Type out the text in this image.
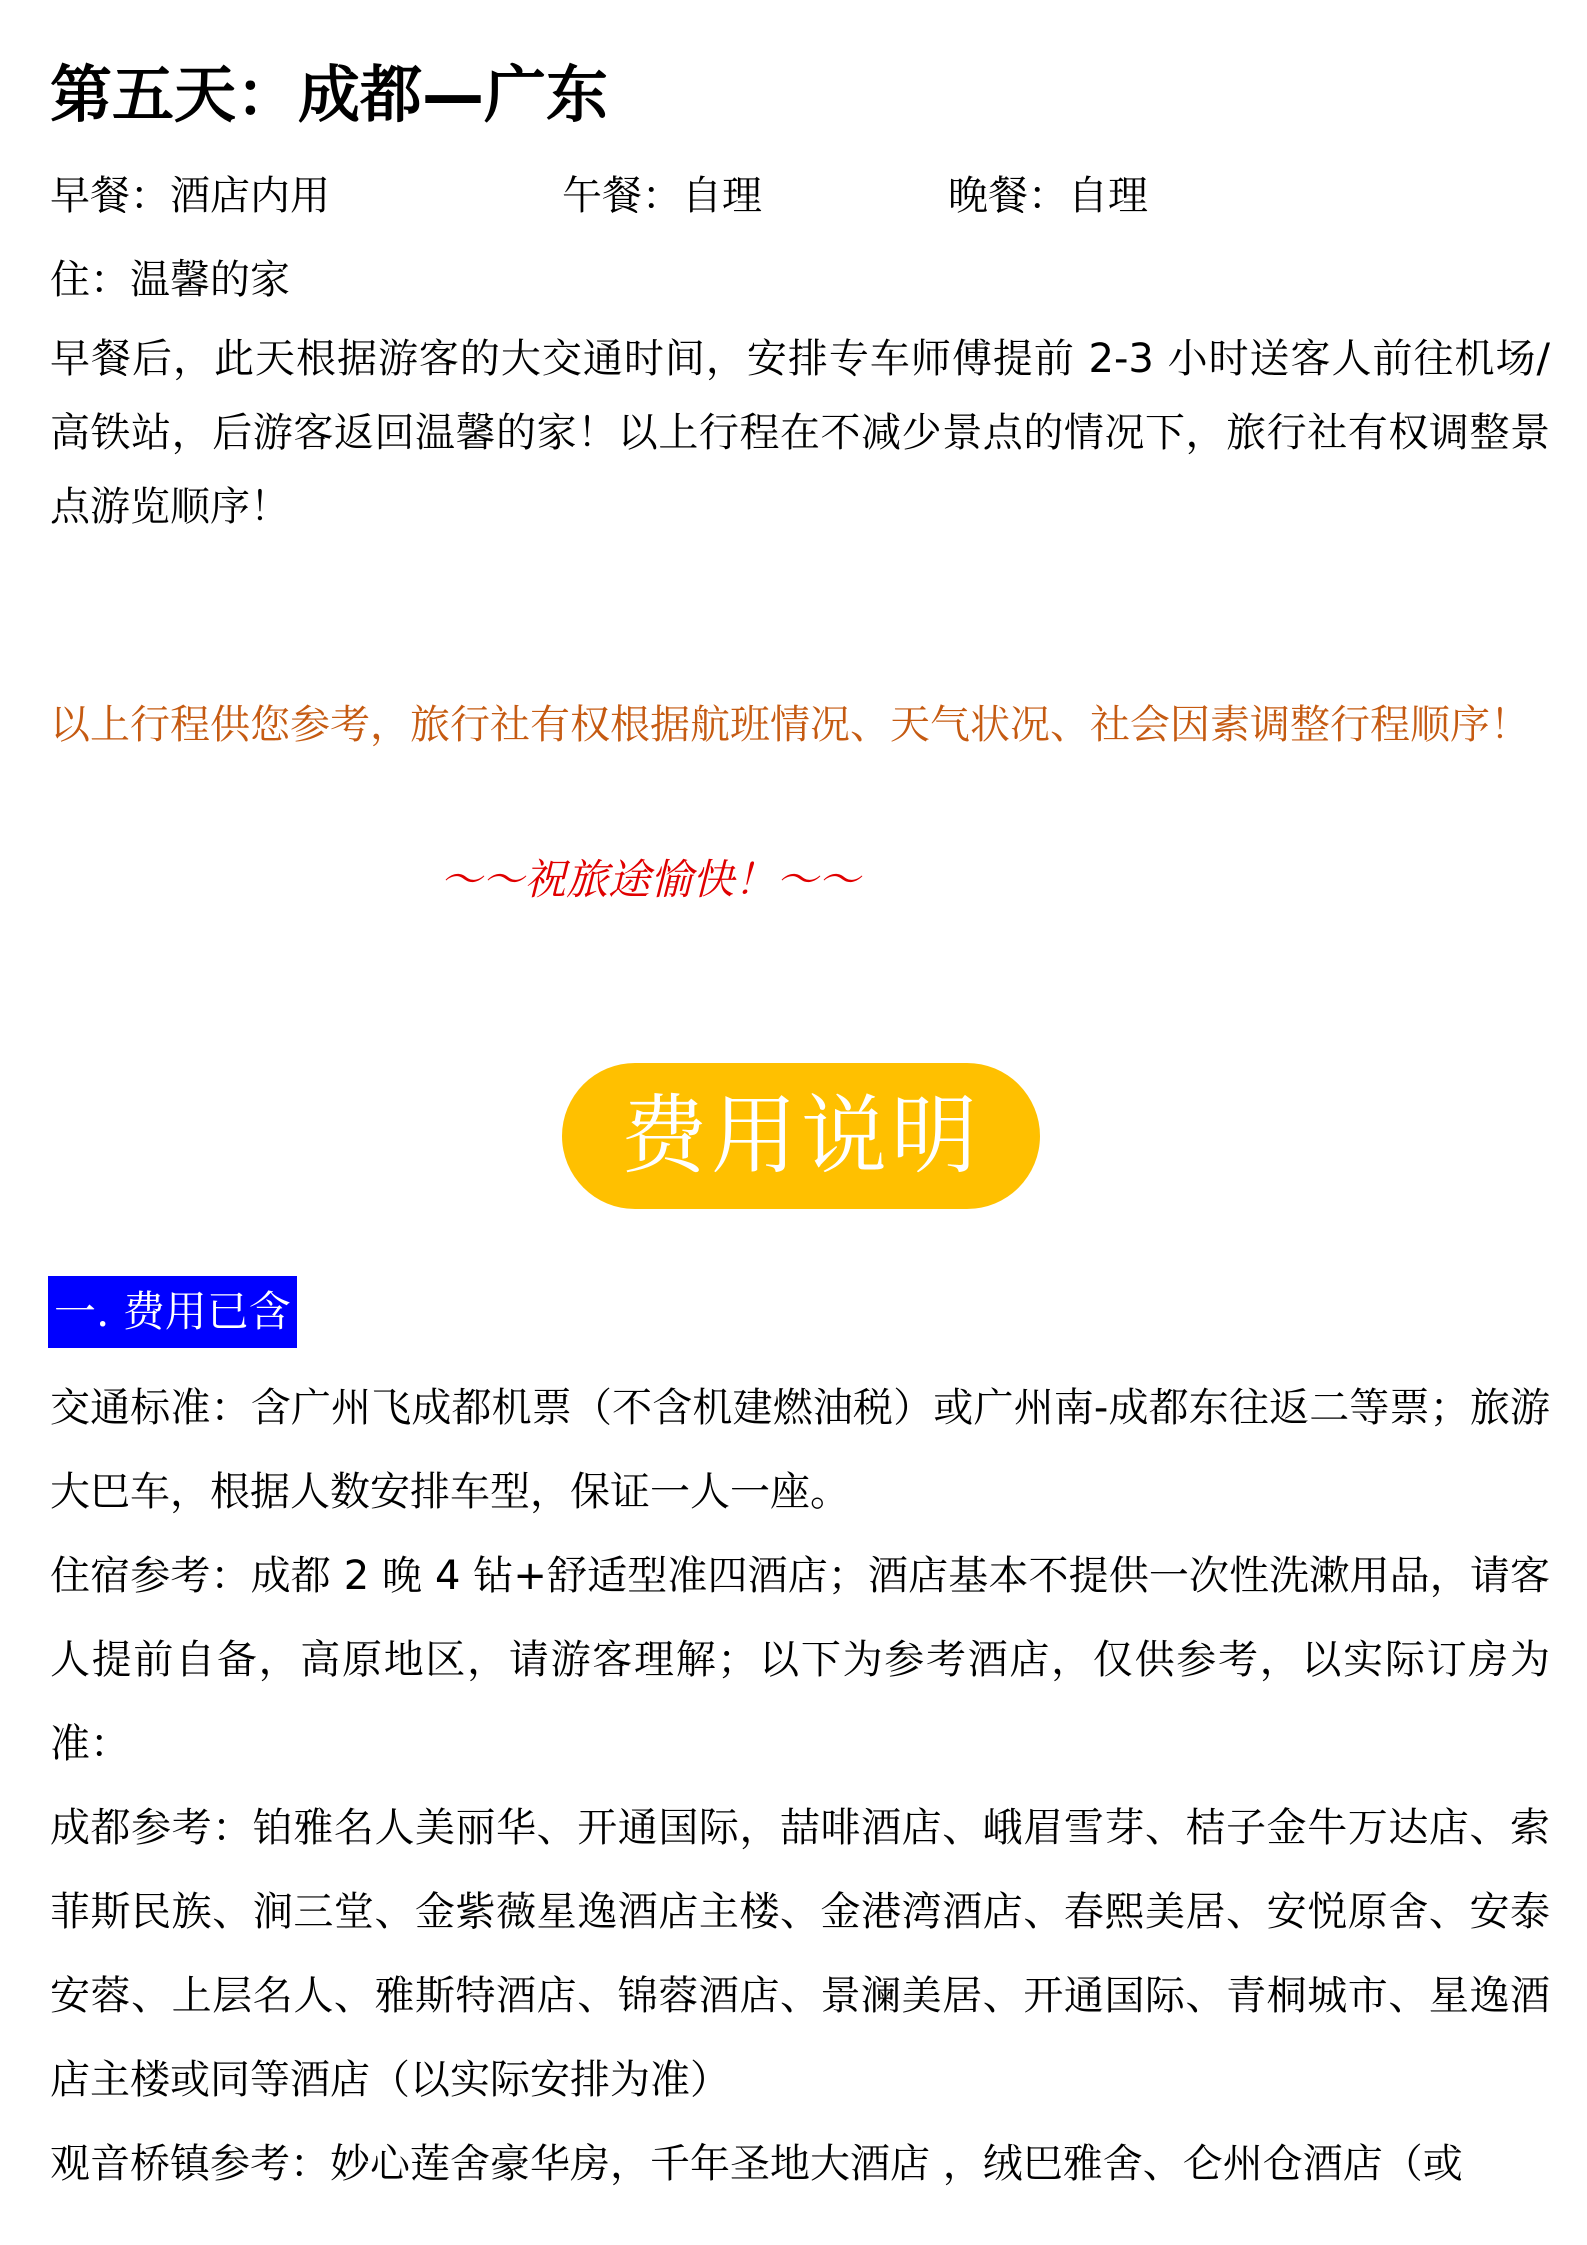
第五天：成都—广东
早餐：酒店内用	午餐：自理	晚餐：自理
住：温馨的家
早餐后，此天根据游客的大交通时间，安排专车师傅提前 2-3 小时送客人前往机场/高铁站，后游客返回温馨的家！以上行程在不减少景点的情况下，旅行社有权调整景点游览顺序！
以上行程供您参考，旅行社有权根据航班情况、天气状况、社会因素调整行程顺序！
～～祝旅途愉快！～～
费用说明
一. 费用已含

交通标准：含广州飞成都机票（不含机建燃油税）或广州南-成都东往返二等票；旅游大巴车，根据人数安排车型，保证一人一座。

住宿参考：成都 2 晚 4 钻+舒适型准四酒店；酒店基本不提供一次性洗漱用品，请客人提前自备，高原地区，请游客理解；以下为参考酒店，仅供参考，以实际订房为准：

成都参考：铂雅名人美丽华、开通国际，喆啡酒店、峨眉雪芽、桔子金牛万达店、索菲斯民族、涧三堂、金紫薇星逸酒店主楼、金港湾酒店、春熙美居、安悦原舍、安泰安蓉、上层名人、雅斯特酒店、锦蓉酒店、景澜美居、开通国际、青桐城市、星逸酒店主楼或同等酒店（以实际安排为准）

观音桥镇参考：妙心莲舍豪华房，千年圣地大酒店 ，绒巴雅舍、仑州仓酒店（或
